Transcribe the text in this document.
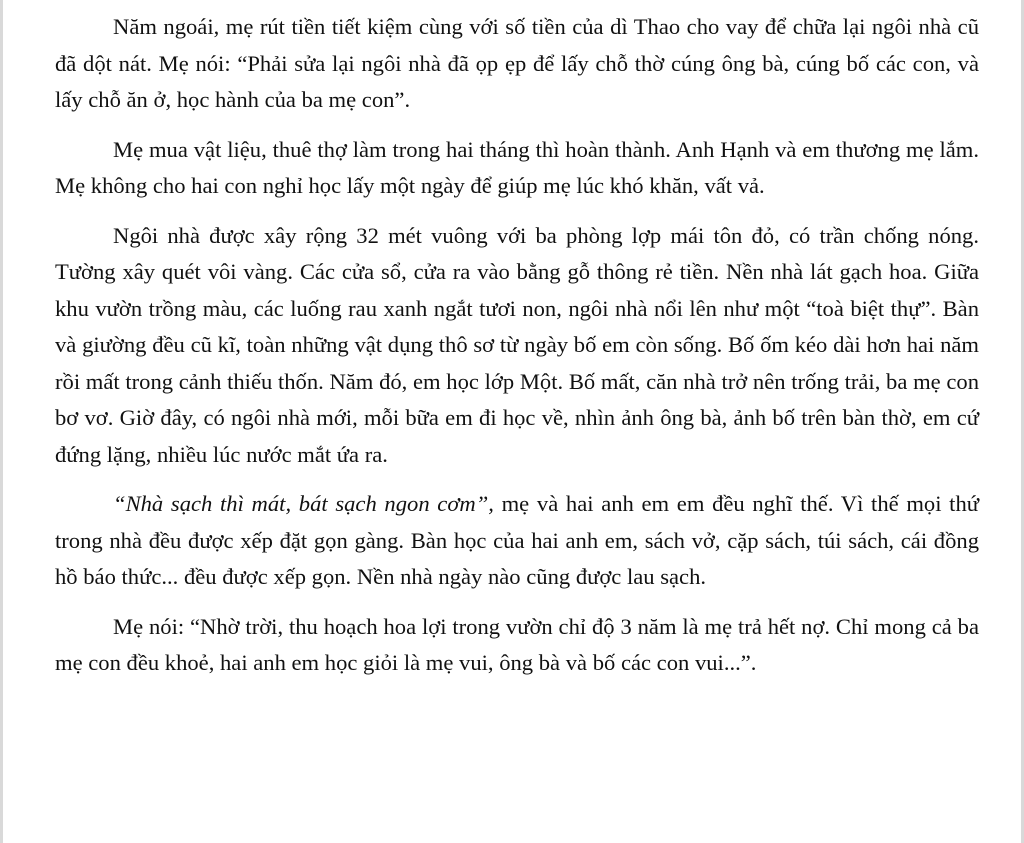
Năm ngoái, mẹ rút tiền tiết kiệm cùng với số tiền của dì Thao cho vay để chữa lại ngôi nhà cũ đã dột nát. Mẹ nói: “Phải sửa lại ngôi nhà đã ọp ẹp để lấy chỗ thờ cúng ông bà, cúng bố các con, và lấy chỗ ăn ở, học hành của ba mẹ con”.

Mẹ mua vật liệu, thuê thợ làm trong hai tháng thì hoàn thành. Anh Hạnh và em thương mẹ lắm. Mẹ không cho hai con nghỉ học lấy một ngày để giúp mẹ lúc khó khăn, vất vả.

Ngôi nhà được xây rộng 32 mét vuông với ba phòng lợp mái tôn đỏ, có trần chống nóng. Tường xây quét vôi vàng. Các cửa sổ, cửa ra vào bằng gỗ thông rẻ tiền. Nền nhà lát gạch hoa. Giữa khu vườn trồng màu, các luống rau xanh ngắt tươi non, ngôi nhà nổi lên như một “toà biệt thự”. Bàn và giường đều cũ kĩ, toàn những vật dụng thô sơ từ ngày bố em còn sống. Bố ốm kéo dài hơn hai năm rồi mất trong cảnh thiếu thốn. Năm đó, em học lớp Một. Bố mất, căn nhà trở nên trống trải, ba mẹ con bơ vơ. Giờ đây, có ngôi nhà mới, mỗi bữa em đi học về, nhìn ảnh ông bà, ảnh bố trên bàn thờ, em cứ đứng lặng, nhiều lúc nước mắt ứa ra.

“Nhà sạch thì mát, bát sạch ngon cơm”, mẹ và hai anh em em đều nghĩ thế. Vì thế mọi thứ trong nhà đều được xếp đặt gọn gàng. Bàn học của hai anh em, sách vở, cặp sách, túi sách, cái đồng hồ báo thức... đều được xếp gọn. Nền nhà ngày nào cũng được lau sạch.

Mẹ nói: “Nhờ trời, thu hoạch hoa lợi trong vườn chỉ độ 3 năm là mẹ trả hết nợ. Chỉ mong cả ba mẹ con đều khoẻ, hai anh em học giỏi là mẹ vui, ông bà và bố các con vui...”.
